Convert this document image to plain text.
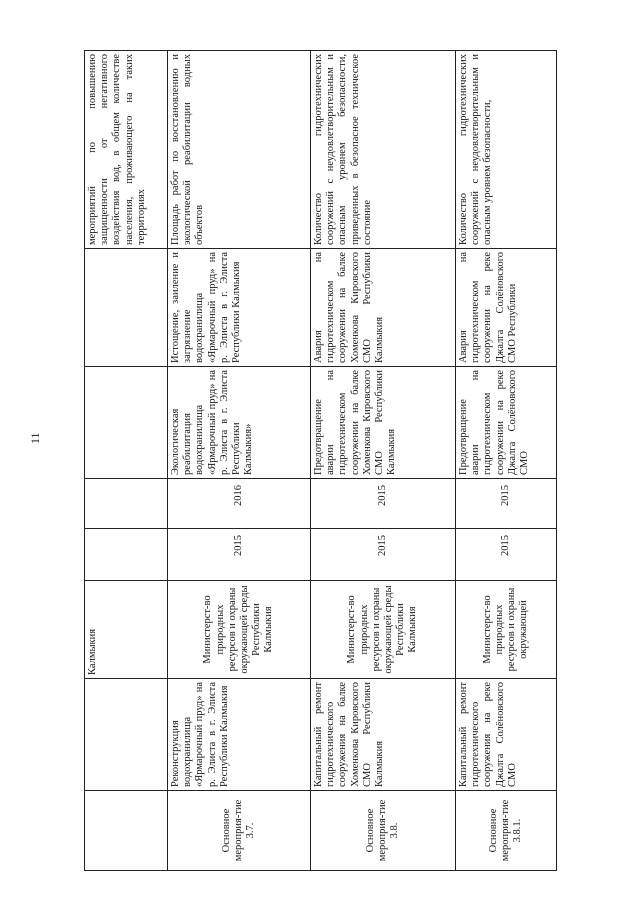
11
		Калмыкия					мероприятий по повышению защищенности от негативного воздействия вод, в общем количестве населения, проживающего на таких территориях
Основное мероприя-тие 3.7.	Реконструкция водохранилища «Ярмарочный пруд» на р. Элиста в г. Элиста Республики Калмыкия	Министерст-во природных ресурсов и охраны окружающей среды Республики Калмыкия	2015	2016	Экологическая реабилитация водохранилища «Ярмарочный пруд» на р. Элиста в г. Элиста Республики Калмыкия»	Истощение, заиление и загрязнение водохранилища «Ярмарочный пруд» на р. Элиста в г. Элиста Республики Калмыкия	Площадь работ по восстановлению и экологической реабилитации водных объектов
Основное мероприя-тие 3.8.	Капитальный ремонт гидротехнического сооружения на балке Хоменкова Кировского СМО Республики Калмыкия	Министерст-во природных ресурсов и охраны окружающей среды Республики Калмыкия	2015	2015	Предотвращение аварии на гидротехническом сооружении на балке Хоменкова Кировского СМО Республики Калмыкия	Авария на гидротехническом сооружении на балке Хоменкова Кировского СМО Республики Калмыкия	Количество гидротехнических сооружений с неудовлетворительным и опасным уровнем безопасности, приведенных в безопасное техническое состояние
Основное мероприя-тие 3.8.1.	Капитальный ремонт гидротехнического сооружения на реке Джалга Солёновского СМО	Министерст-во природных ресурсов и охраны окружающей	2015	2015	Предотвращение аварии на гидротехническом сооружении на реке Джалга Солёновского СМО	Авария на гидротехническом сооружении на реке Джалга Солёновского СМО Республики	Количество гидротехнических сооружений с неудовлетворительным и опасным уровнем безопасности,
